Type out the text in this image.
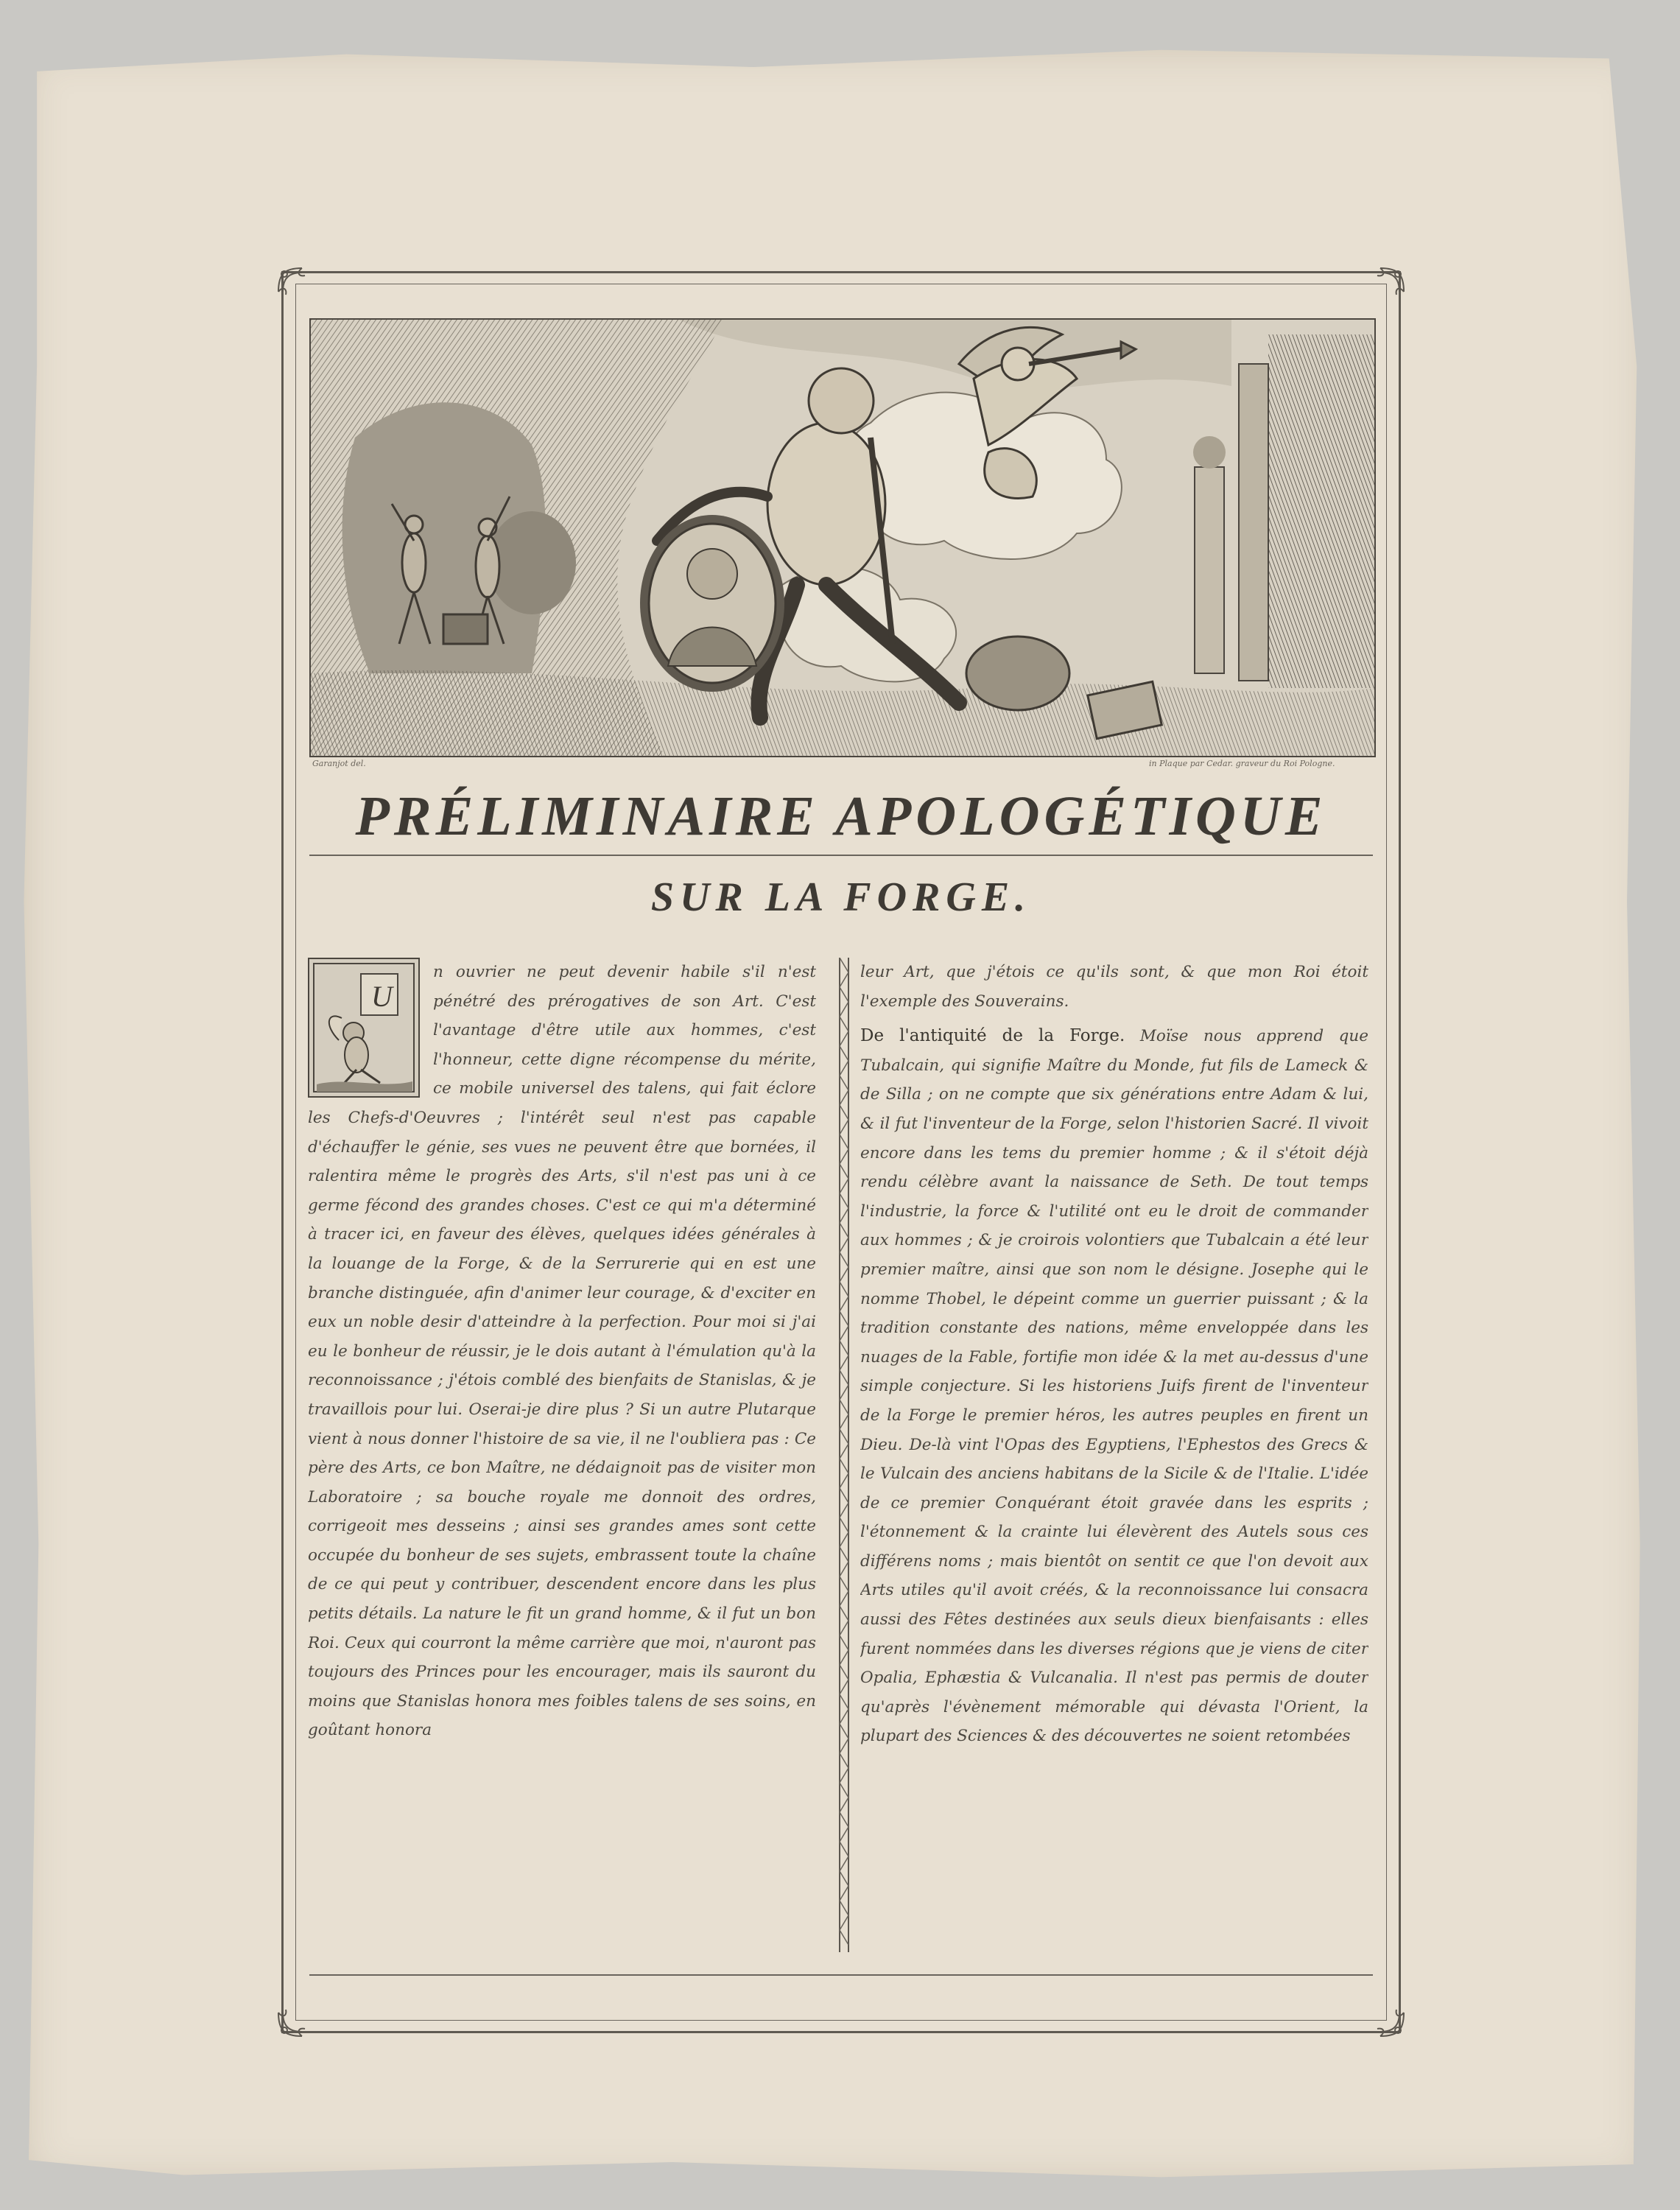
Garanjot del.	in Plaque par Cedar. graveur du Roi Pologne.
PRÉLIMINAIRE APOLOGÉTIQUE
SUR LA FORGE.
U

n ouvrier ne peut devenir habile s'il n'est pénétré des prérogatives de son Art. C'est l'avantage d'être utile aux hommes, c'est l'honneur, cette digne récompense du mérite, ce mobile universel des talens, qui fait éclore les Chefs-d'Oeuvres ; l'intérêt seul n'est pas capable d'échauffer le génie, ses vues ne peuvent être que bornées, il ralentira même le progrès des Arts, s'il n'est pas uni à ce germe fécond des grandes choses. C'est ce qui m'a déterminé à tracer ici, en faveur des élèves, quelques idées générales à la louange de la Forge, & de la Serrurerie qui en est une branche distinguée, afin d'animer leur courage, & d'exciter en eux un noble desir d'atteindre à la perfection. Pour moi si j'ai eu le bonheur de réussir, je le dois autant à l'émulation qu'à la reconnoissance ; j'étois comblé des bienfaits de Stanislas, & je travaillois pour lui. Oserai-je dire plus ? Si un autre Plutarque vient à nous donner l'histoire de sa vie, il ne l'oubliera pas : Ce père des Arts, ce bon Maître, ne dédaignoit pas de visiter mon Laboratoire ; sa bouche royale me donnoit des ordres, corrigeoit mes desseins ; ainsi ses grandes ames sont cette occupée du bonheur de ses sujets, embrassent toute la chaîne de ce qui peut y contribuer, descendent encore dans les plus petits détails. La nature le fit un grand homme, & il fut un bon Roi. Ceux qui courront la même carrière que moi, n'auront pas toujours des Princes pour les encourager, mais ils sauront du moins que Stanislas honora mes foibles talens de ses soins, en goûtant honora

leur Art, que j'étois ce qu'ils sont, & que mon Roi étoit l'exemple des Souverains.

De l'antiquité de la Forge. Moïse nous apprend que Tubalcain, qui signifie Maître du Monde, fut fils de Lameck & de Silla ; on ne compte que six générations entre Adam & lui, & il fut l'inventeur de la Forge, selon l'historien Sacré. Il vivoit encore dans les tems du premier homme ; & il s'étoit déjà rendu célèbre avant la naissance de Seth. De tout temps l'industrie, la force & l'utilité ont eu le droit de commander aux hommes ; & je croirois volontiers que Tubalcain a été leur premier maître, ainsi que son nom le désigne. Josephe qui le nomme Thobel, le dépeint comme un guerrier puissant ; & la tradition constante des nations, même enveloppée dans les nuages de la Fable, fortifie mon idée & la met au-dessus d'une simple conjecture. Si les historiens Juifs firent de l'inventeur de la Forge le premier héros, les autres peuples en firent un Dieu. De-là vint l'Opas des Egyptiens, l'Ephestos des Grecs & le Vulcain des anciens habitans de la Sicile & de l'Italie. L'idée de ce premier Conquérant étoit gravée dans les esprits ; l'étonnement & la crainte lui élevèrent des Autels sous ces différens noms ; mais bientôt on sentit ce que l'on devoit aux Arts utiles qu'il avoit créés, & la reconnoissance lui consacra aussi des Fêtes destinées aux seuls dieux bienfaisants : elles furent nommées dans les diverses régions que je viens de citer Opalia, Ephæstia & Vulcanalia. Il n'est pas permis de douter qu'après l'évènement mémorable qui dévasta l'Orient, la plupart des Sciences & des découvertes ne soient retombées
